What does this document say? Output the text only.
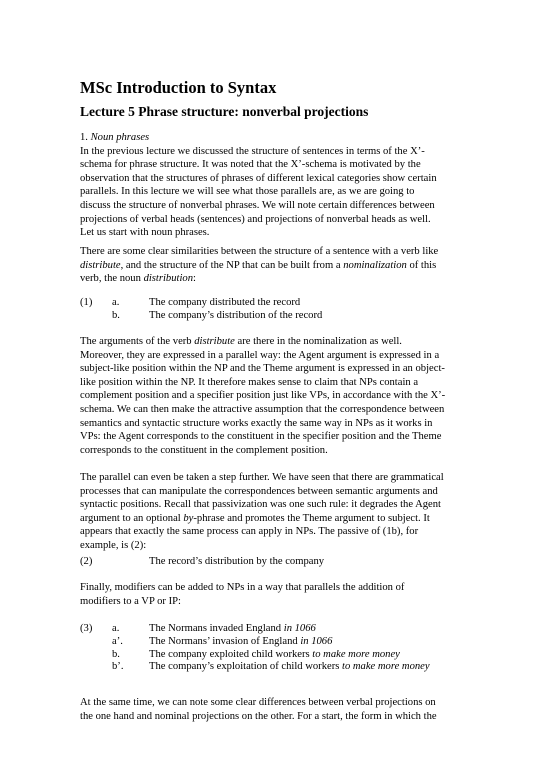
MSc Introduction to Syntax
Lecture 5 Phrase structure: nonverbal projections
1. Noun phrases
In the previous lecture we discussed the structure of sentences in terms of the X’-
schema for phrase structure. It was noted that the X’-schema is motivated by the
observation that the structures of phrases of different lexical categories show certain
parallels. In this lecture we will see what those parallels are, as we are going to
discuss the structure of nonverbal phrases. We will note certain differences between
projections of verbal heads (sentences) and projections of nonverbal heads as well.
Let us start with noun phrases.
There are some clear similarities between the structure of a sentence with a verb like
distribute, and the structure of the NP that can be built from a nominalization of this
verb, the noun distribution:
(1) a.	The company distributed the record
b.	The company’s distribution of the record
The arguments of the verb distribute are there in the nominalization as well.
Moreover, they are expressed in a parallel way: the Agent argument is expressed in a
subject-like position within the NP and the Theme argument is expressed in an object-
like position within the NP. It therefore makes sense to claim that NPs contain a
complement position and a specifier position just like VPs, in accordance with the X’-
schema. We can then make the attractive assumption that the correspondence between
semantics and syntactic structure works exactly the same way in NPs as it works in
VPs: the Agent corresponds to the constituent in the specifier position and the Theme
corresponds to the constituent in the complement position.
The parallel can even be taken a step further. We have seen that there are grammatical
processes that can manipulate the correspondences between semantic arguments and
syntactic positions. Recall that passivization was one such rule: it degrades the Agent
argument to an optional by-phrase and promotes the Theme argument to subject. It
appears that exactly the same process can apply in NPs. The passive of (1b), for
example, is (2):
(2)	The record’s distribution by the company
Finally, modifiers can be added to NPs in a way that parallels the addition of
modifiers to a VP or IP:
(3) a.	The Normans invaded England in 1066
a’. The Normans’ invasion of England in 1066
b.	The company exploited child workers to make more money
b’. The company’s exploitation of child workers to make more money
At the same time, we can note some clear differences between verbal projections on
the one hand and nominal projections on the other. For a start, the form in which the
